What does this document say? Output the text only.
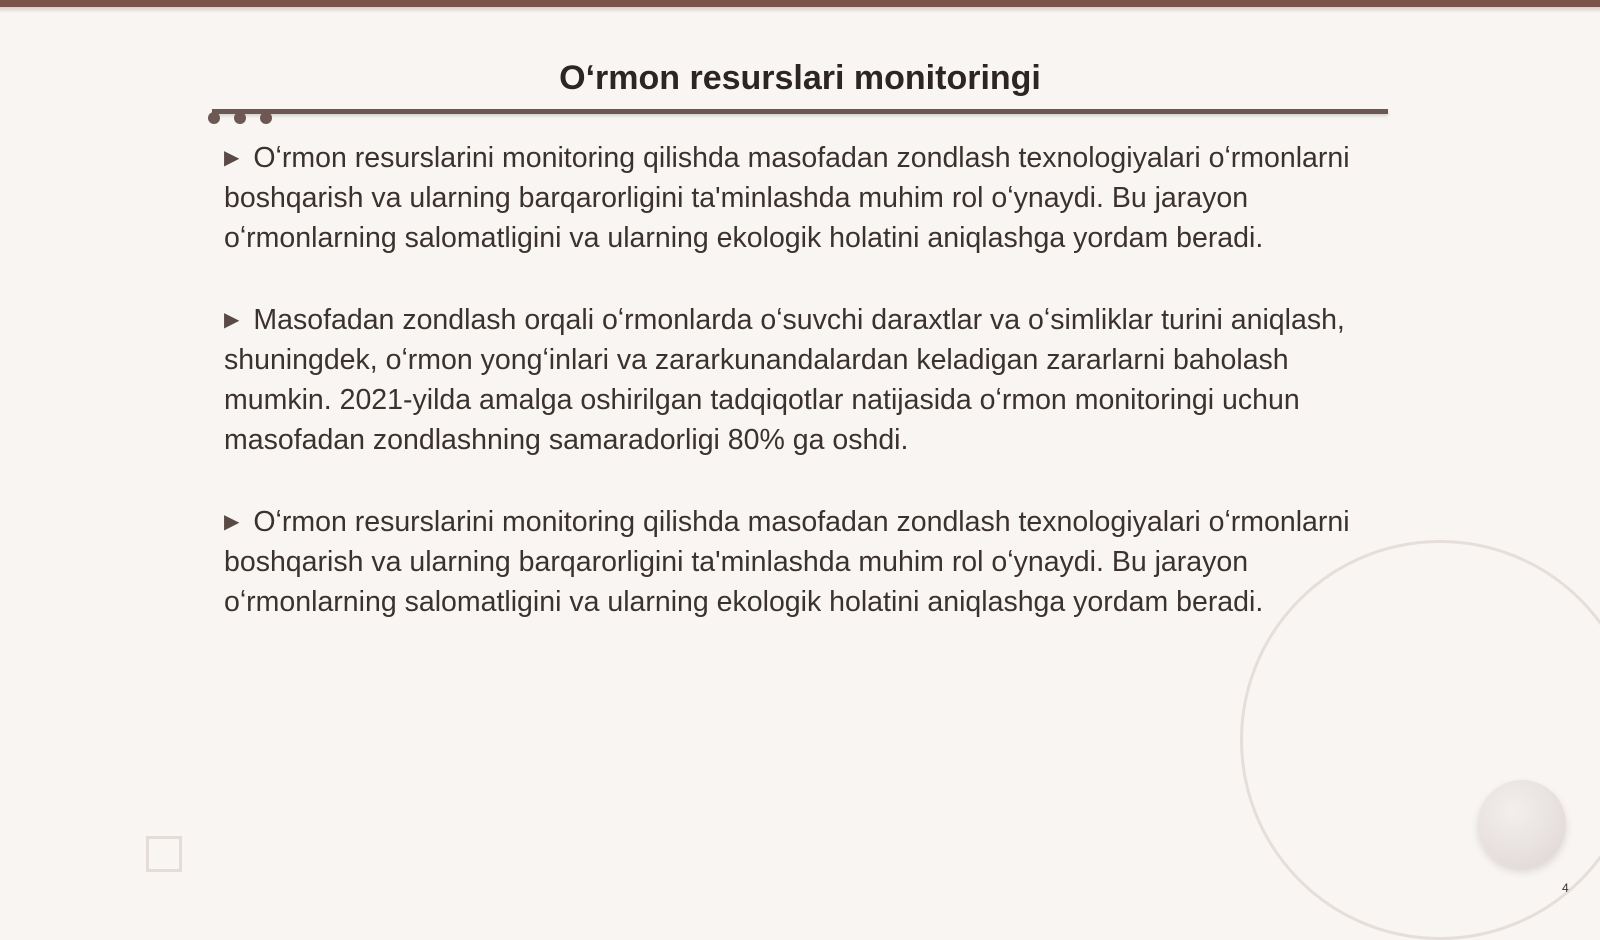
Oʻrmon resurslari monitoringi

▶ Oʻrmon resurslarini monitoring qilishda masofadan zondlash texnologiyalari oʻrmonlarni boshqarish va ularning barqarorligini ta'minlashda muhim rol oʻynaydi. Bu jarayon oʻrmonlarning salomatligini va ularning ekologik holatini aniqlashga yordam beradi.

▶ Masofadan zondlash orqali oʻrmonlarda oʻsuvchi daraxtlar va oʻsimliklar turini aniqlash, shuningdek, oʻrmon yongʻinlari va zararkunandalardan keladigan zararlarni baholash mumkin. 2021-yilda amalga oshirilgan tadqiqotlar natijasida oʻrmon monitoringi uchun masofadan zondlashning samaradorligi 80% ga oshdi.

▶ Oʻrmon resurslarini monitoring qilishda masofadan zondlash texnologiyalari oʻrmonlarni boshqarish va ularning barqarorligini ta'minlashda muhim rol oʻynaydi. Bu jarayon oʻrmonlarning salomatligini va ularning ekologik holatini aniqlashga yordam beradi.

4
